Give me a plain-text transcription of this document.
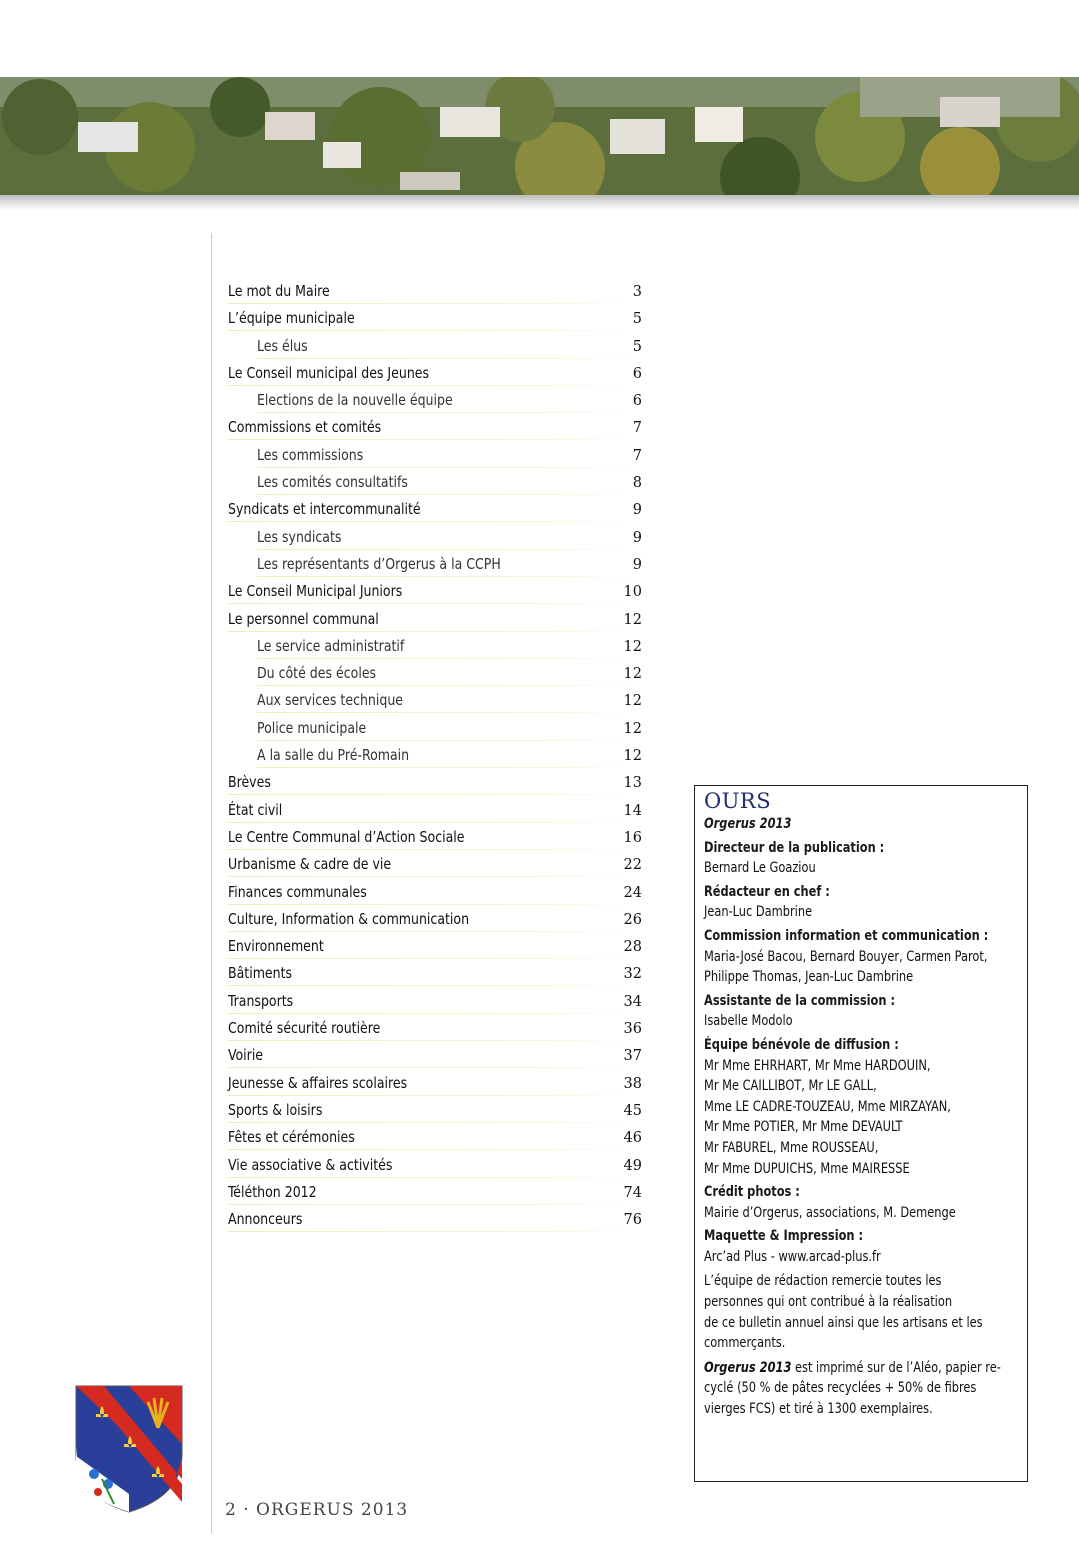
Le mot du Maire	3
L’équipe municipale	5
Les élus	5
Le Conseil municipal des Jeunes	6
Elections de la nouvelle équipe	6
Commissions et comités	7
Les commissions	7
Les comités consultatifs	8
Syndicats et intercommunalité	9
Les syndicats	9
Les représentants d’Orgerus à la CCPH	9
Le Conseil Municipal Juniors	10
Le personnel communal	12
Le service administratif	12
Du côté des écoles	12
Aux services technique	12
Police municipale	12
A la salle du Pré-Romain	12
Brèves	13
État civil	14
Le Centre Communal d’Action Sociale	16
Urbanisme & cadre de vie	22
Finances communales	24
Culture, Information & communication	26
Environnement	28
Bâtiments	32
Transports	34
Comité sécurité routière	36
Voirie	37
Jeunesse & affaires scolaires	38
Sports & loisirs	45
Fêtes et cérémonies	46
Vie associative & activités	49
Téléthon 2012	74
Annonceurs	76
OURS
Orgerus 2013
Directeur de la publication :
Bernard Le Goaziou
Rédacteur en chef :
Jean-Luc Dambrine
Commission information et communication :
Maria-José Bacou, Bernard Bouyer, Carmen Parot,
Philippe Thomas, Jean-Luc Dambrine
Assistante de la commission :
Isabelle Modolo
Équipe bénévole de diffusion :
Mr Mme EHRHART, Mr Mme HARDOUIN,
Mr Me CAILLIBOT, Mr LE GALL,
Mme LE CADRE-TOUZEAU, Mme MIRZAYAN,
Mr Mme POTIER, Mr Mme DEVAULT
Mr FABUREL, Mme ROUSSEAU,
Mr Mme DUPUICHS, Mme MAIRESSE
Crédit photos :
Mairie d’Orgerus, associations, M. Demenge
Maquette & Impression :
Arc’ad Plus - www.arcad-plus.fr
L’équipe de rédaction remercie toutes les
personnes qui ont contribué à la réalisation
de ce bulletin annuel ainsi que les artisans et les
commerçants.
Orgerus 2013 est imprimé sur de l’Aléo, papier re-
cyclé (50 % de pâtes recyclées + 50% de fibres
vierges FCS) et tiré à 1300 exemplaires.
2 · ORGERUS 2013
